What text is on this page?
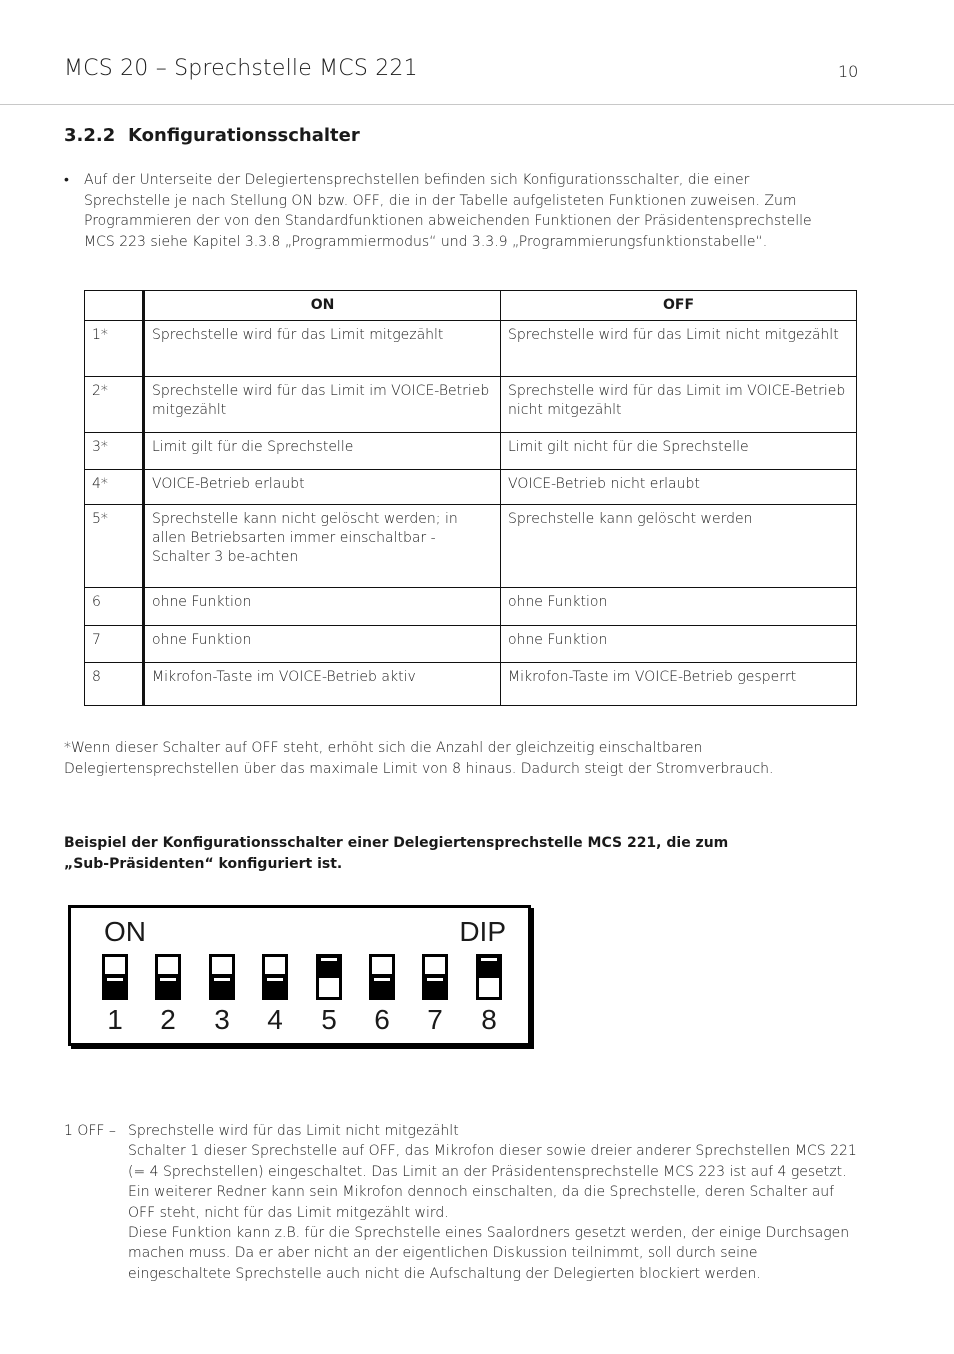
MCS 20 – Sprechstelle MCS 221	10
3.2.2 Konfigurationsschalter
• Auf der Unterseite der Delegiertensprechstellen befinden sich Konfigurationsschalter, die einer Sprechstelle je nach Stellung ON bzw. OFF, die in der Tabelle aufgelisteten Funktionen zuweisen. Zum Programmieren der von den Standardfunktionen abweichenden Funktionen der Präsidentensprechstelle MCS 223 siehe Kapitel 3.3.8 „Programmiermodus“ und 3.3.9 „Programmierungsfunktionstabelle“.
	ON	OFF
1*	Sprechstelle wird für das Limit mitgezählt	Sprechstelle wird für das Limit nicht mitgezählt
2*	Sprechstelle wird für das Limit im VOICE-Betrieb mitgezählt	Sprechstelle wird für das Limit im VOICE-Betrieb nicht mitgezählt
3*	Limit gilt für die Sprechstelle	Limit gilt nicht für die Sprechstelle
4*	VOICE-Betrieb erlaubt	VOICE-Betrieb nicht erlaubt
5*	Sprechstelle kann nicht gelöscht werden; in allen Betriebsarten immer einschaltbar - Schalter 3 be-achten	Sprechstelle kann gelöscht werden
6	ohne Funktion	ohne Funktion
7	ohne Funktion	ohne Funktion
8	Mikrofon-Taste im VOICE-Betrieb aktiv	Mikrofon-Taste im VOICE-Betrieb gesperrt
*Wenn dieser Schalter auf OFF steht, erhöht sich die Anzahl der gleichzeitig einschaltbaren Delegiertensprechstellen über das maximale Limit von 8 hinaus. Dadurch steigt der Stromverbrauch.
Beispiel der Konfigurationsschalter einer Delegiertensprechstelle MCS 221, die zum „Sub-Präsidenten“ konfiguriert ist.
ON	DIP
1 2 3 4 5 6 7 8
1 OFF – Sprechstelle wird für das Limit nicht mitgezählt
Schalter 1 dieser Sprechstelle auf OFF, das Mikrofon dieser sowie dreier anderer Sprechstellen MCS 221 (= 4 Sprechstellen) eingeschaltet. Das Limit an der Präsidentensprechstelle MCS 223 ist auf 4 gesetzt. Ein weiterer Redner kann sein Mikrofon dennoch einschalten, da die Sprechstelle, deren Schalter auf OFF steht, nicht für das Limit mitgezählt wird.
Diese Funktion kann z.B. für die Sprechstelle eines Saalordners gesetzt werden, der einige Durchsagen machen muss. Da er aber nicht an der eigentlichen Diskussion teilnimmt, soll durch seine eingeschaltete Sprechstelle auch nicht die Aufschaltung der Delegierten blockiert werden.
